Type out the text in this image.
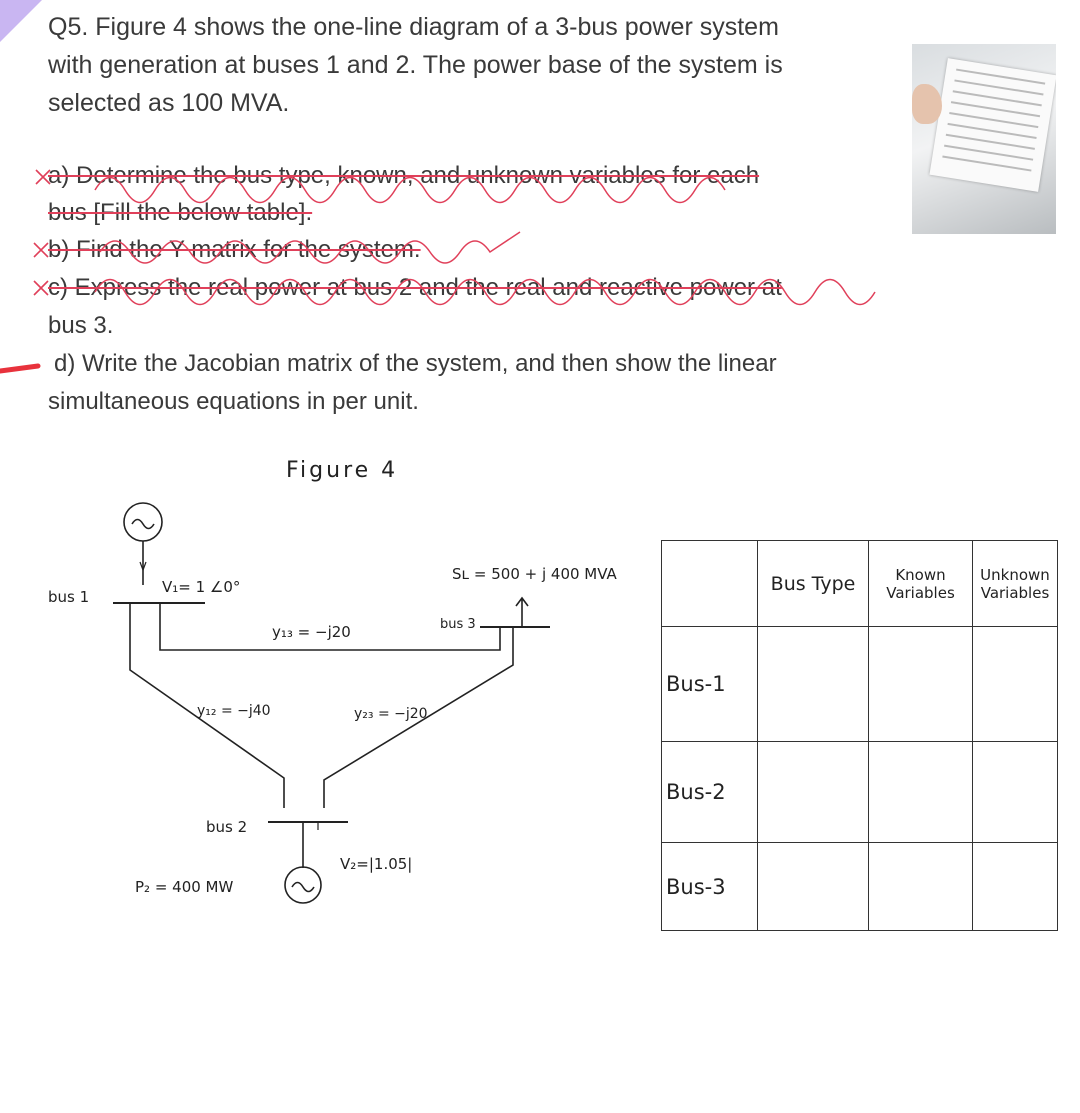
Q5. Figure 4 shows the one-line diagram of a 3-bus power system

with generation at buses 1 and 2. The power base of the system is

selected as 100 MVA.

a) Determine the bus type, known, and unknown variables for each
bus [Fill the below table].
b) Find the Y matrix for the system.
c) Express the real power at bus 2 and the real and reactive power at
bus 3.
d) Write the Jacobian matrix of the system, and then show the linear
simultaneous equations in per unit.
Figure 4
bus 1
V₁= 1 ∠0°
y₁₃ = −j20	bus 3
Sʟ = 500 + j 400 MVA
y₁₂ = −j40	y₂₃ = −j20
bus 2
V₂=|1.05|
P₂ = 400 MW
	Bus Type	Known Variables	Unknown Variables
Bus-1			
Bus-2			
Bus-3			
